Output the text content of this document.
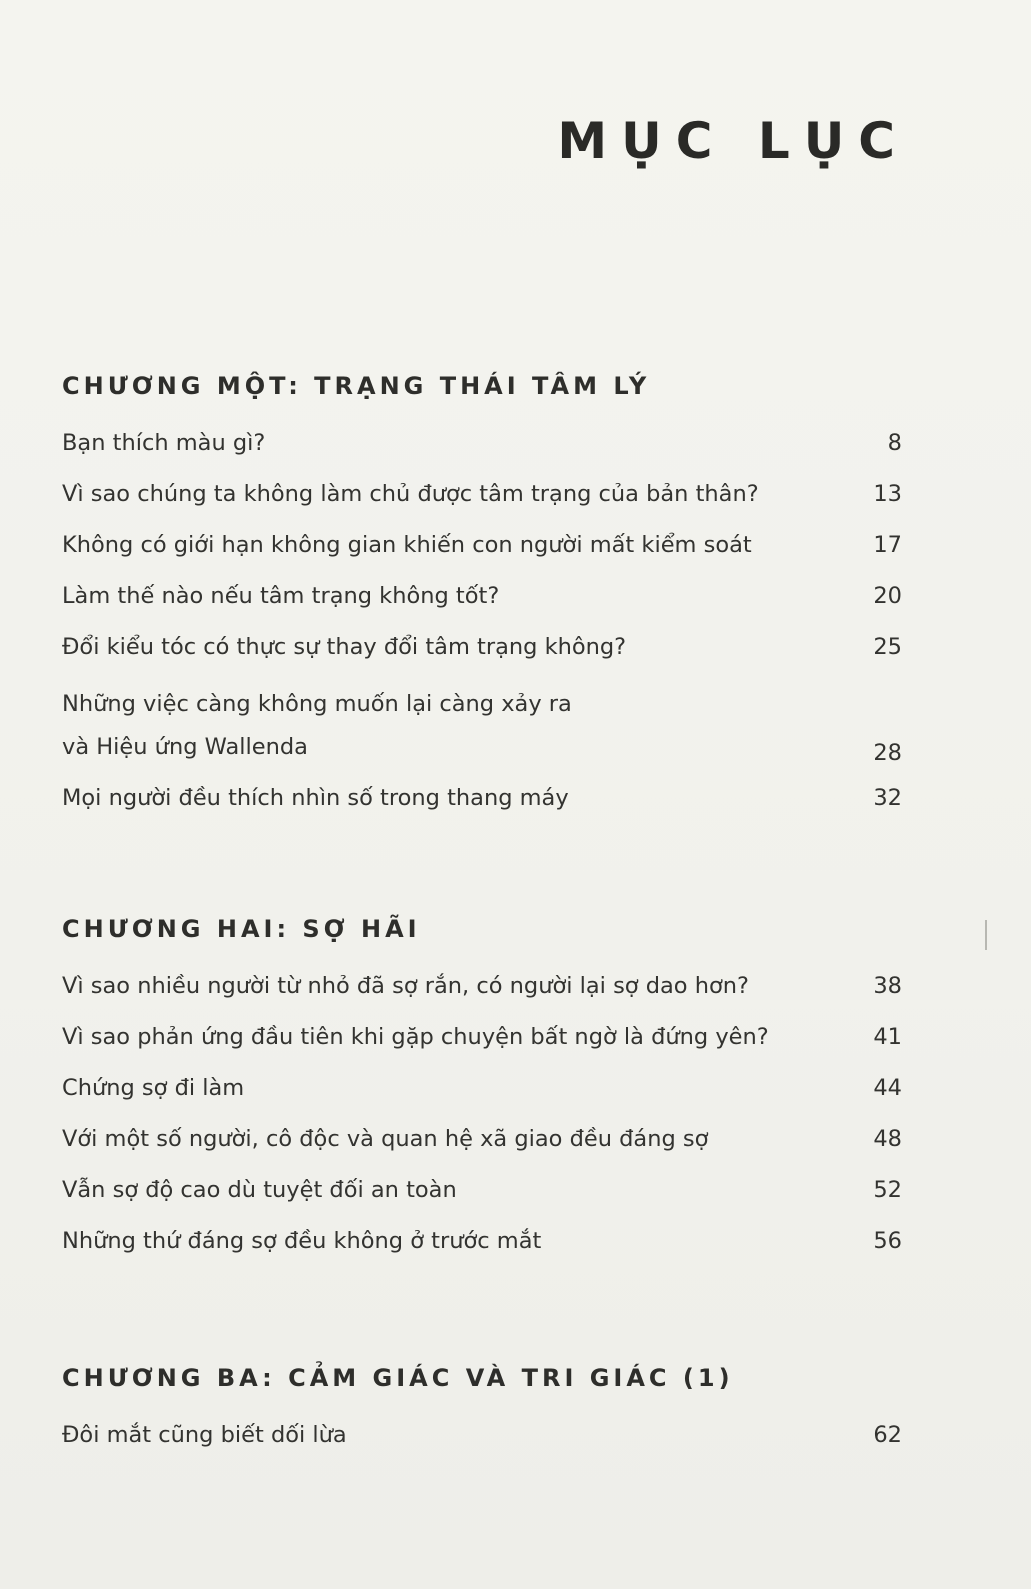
MỤC LỤC
CHƯƠNG MỘT: TRẠNG THÁI TÂM LÝ
Bạn thích màu gì?	8
Vì sao chúng ta không làm chủ được tâm trạng của bản thân?	13
Không có giới hạn không gian khiến con người mất kiểm soát	17
Làm thế nào nếu tâm trạng không tốt?	20
Đổi kiểu tóc có thực sự thay đổi tâm trạng không?	25
Những việc càng không muốn lại càng xảy ra
và Hiệu ứng Wallenda	28
Mọi người đều thích nhìn số trong thang máy	32
CHƯƠNG HAI: SỢ HÃI
Vì sao nhiều người từ nhỏ đã sợ rắn, có người lại sợ dao hơn?	38
Vì sao phản ứng đầu tiên khi gặp chuyện bất ngờ là đứng yên?	41
Chứng sợ đi làm	44
Với một số người, cô độc và quan hệ xã giao đều đáng sợ	48
Vẫn sợ độ cao dù tuyệt đối an toàn	52
Những thứ đáng sợ đều không ở trước mắt	56
CHƯƠNG BA: CẢM GIÁC VÀ TRI GIÁC (1)
Đôi mắt cũng biết dối lừa	62
